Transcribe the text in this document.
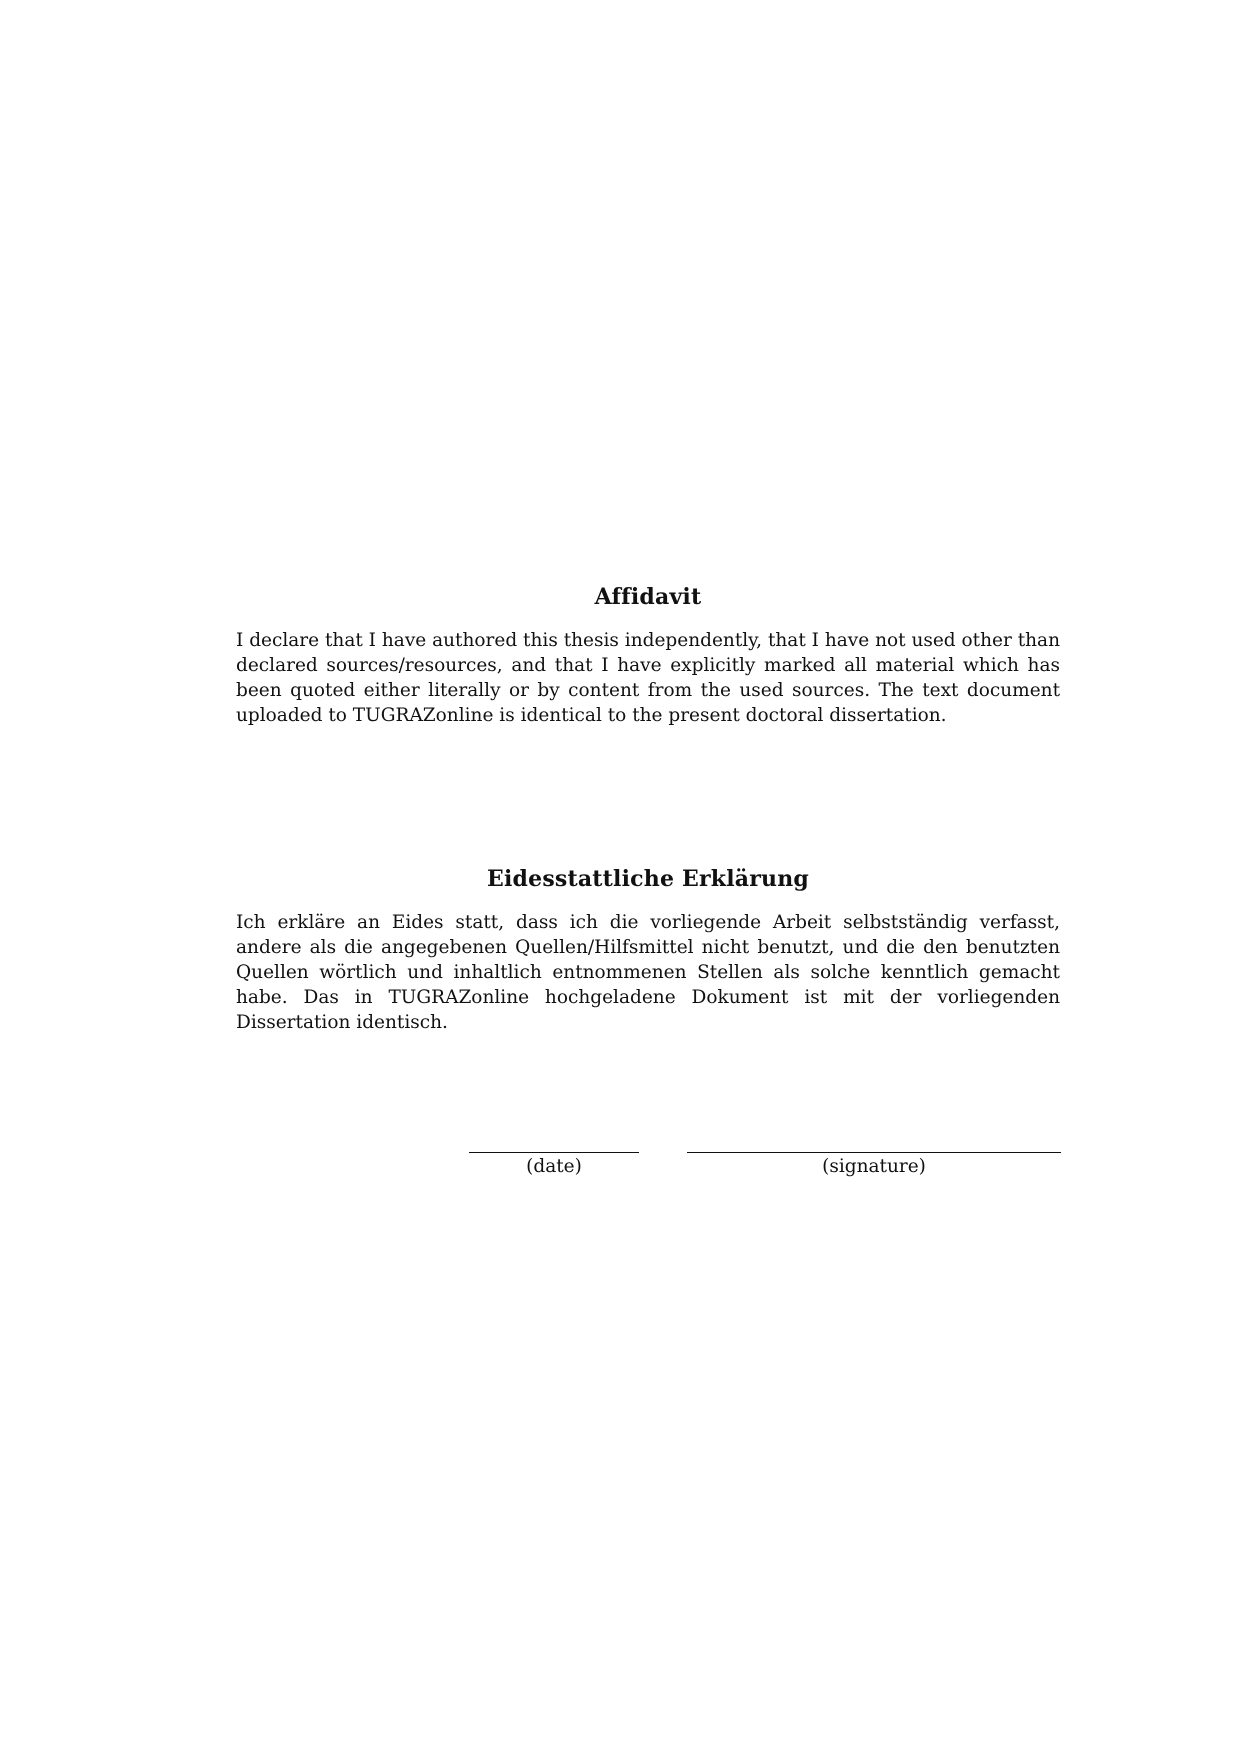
Affidavit

I declare that I have authored this thesis independently, that I have not used other than declared sources/resources, and that I have explicitly marked all material which has been quoted either literally or by content from the used sources. The text document uploaded to TUGRAZonline is identical to the present doctoral dissertation.

Eidesstattliche Erklärung

Ich erkläre an Eides statt, dass ich die vorliegende Arbeit selbstständig verfasst, andere als die angegebenen Quellen/Hilfsmittel nicht benutzt, und die den benutzten Quellen wörtlich und inhaltlich entnommenen Stellen als solche kenntlich gemacht habe. Das in TUGRAZonline hochgeladene Dokument ist mit der vorliegenden Dissertation identisch.

(date)	(signature)
